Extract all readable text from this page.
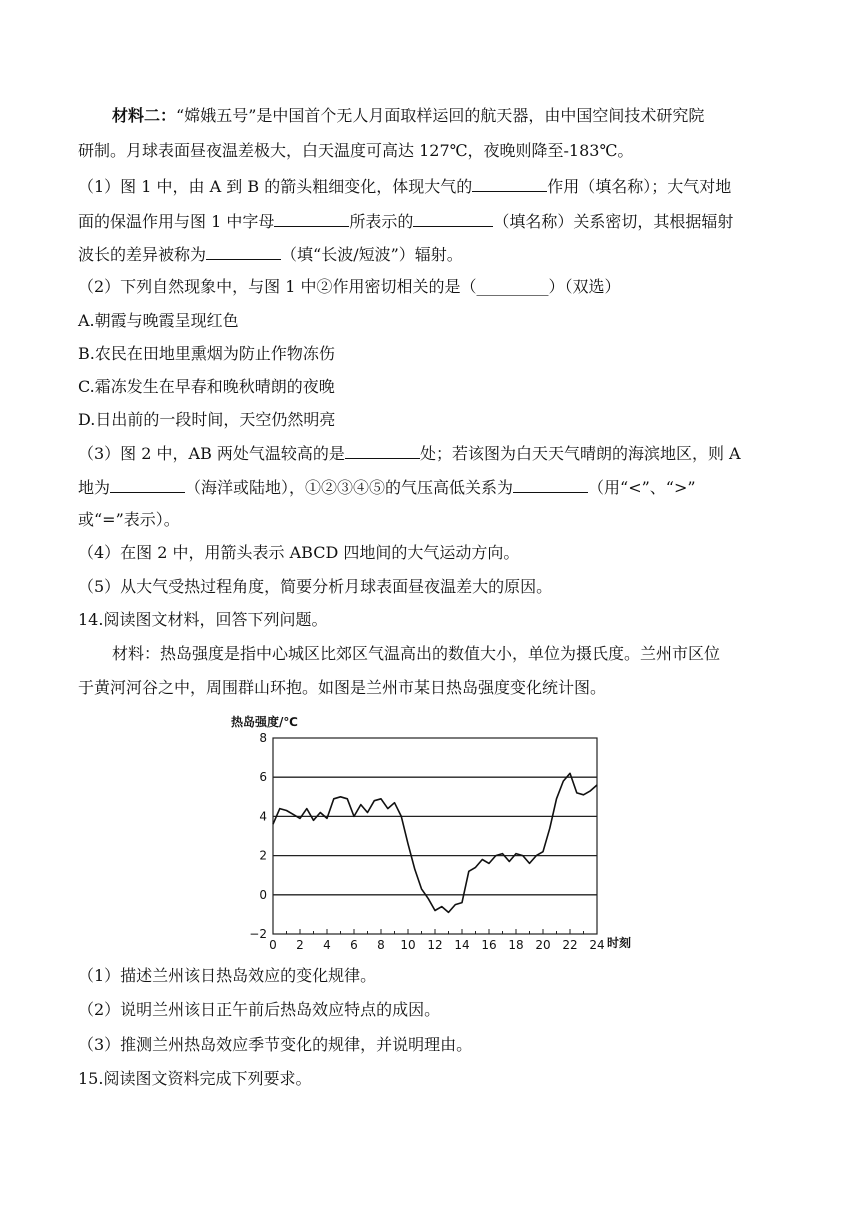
材料二：“嫦娥五号”是中国首个无人月面取样运回的航天器，由中国空间技术研究院
研制。月球表面昼夜温差极大，白天温度可高达 127℃，夜晚则降至-183℃。
（1）图 1 中，由 A 到 B 的箭头粗细变化，体现大气的	作用（填名称）；大气对地
面的保温作用与图 1 中字母	所表示的	（填名称）关系密切，其根据辐射
波长的差异被称为	（填“长波/短波”）辐射。
（2）下列自然现象中，与图 1 中②作用密切相关的是（_________）（双选）
A.朝霞与晚霞呈现红色
B.农民在田地里熏烟为防止作物冻伤
C.霜冻发生在早春和晚秋晴朗的夜晚
D.日出前的一段时间，天空仍然明亮
（3）图 2 中，AB 两处气温较高的是	处；若该图为白天天气晴朗的海滨地区，则 A
地为	（海洋或陆地），①②③④⑤的气压高低关系为	（用“<”、“>”
或“=”表示）。
（4）在图 2 中，用箭头表示 ABCD 四地间的大气运动方向。
（5）从大气受热过程角度，简要分析月球表面昼夜温差大的原因。
14.阅读图文材料，回答下列问题。
材料：热岛强度是指中心城区比郊区气温高出的数值大小，单位为摄氏度。兰州市区位
于黄河河谷之中，周围群山环抱。如图是兰州市某日热岛强度变化统计图。
−2
0
2
4
6
8
0 2 4 6 8 10 12 14 16 18 20 22 24
热岛强度/℃
时刻
（1）描述兰州该日热岛效应的变化规律。
（2）说明兰州该日正午前后热岛效应特点的成因。
（3）推测兰州热岛效应季节变化的规律，并说明理由。
15.阅读图文资料完成下列要求。
